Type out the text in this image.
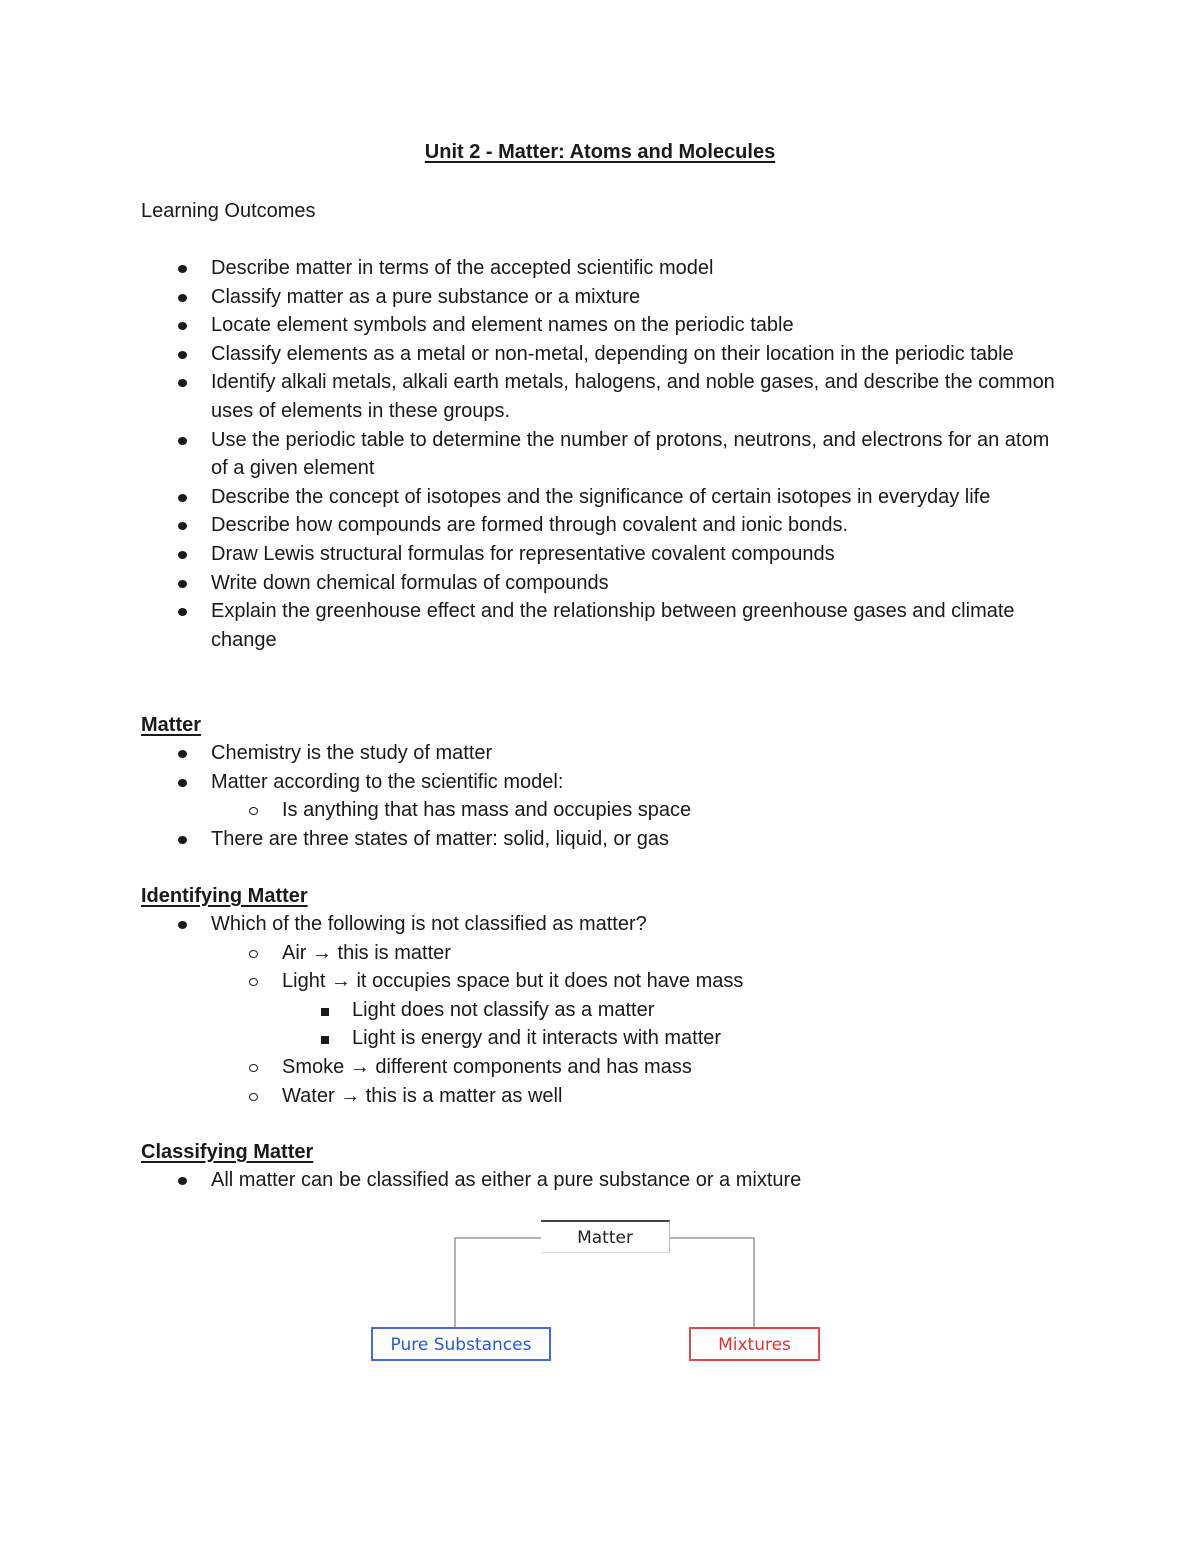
Unit 2 - Matter: Atoms and Molecules
Learning Outcomes
Describe matter in terms of the accepted scientific model
Classify matter as a pure substance or a mixture
Locate element symbols and element names on the periodic table
Classify elements as a metal or non-metal, depending on their location in the periodic table
Identify alkali metals, alkali earth metals, halogens, and noble gases, and describe the common uses of elements in these groups.
Use the periodic table to determine the number of protons, neutrons, and electrons for an atom of a given element
Describe the concept of isotopes and the significance of certain isotopes in everyday life
Describe how compounds are formed through covalent and ionic bonds.
Draw Lewis structural formulas for representative covalent compounds
Write down chemical formulas of compounds
Explain the greenhouse effect and the relationship between greenhouse gases and climate change
Matter
Chemistry is the study of matter
Matter according to the scientific model:
Is anything that has mass and occupies space
There are three states of matter: solid, liquid, or gas
Identifying Matter
Which of the following is not classified as matter?
Air → this is matter
Light → it occupies space but it does not have mass
Light does not classify as a matter
Light is energy and it interacts with matter
Smoke → different components and has mass
Water → this is a matter as well
Classifying Matter
All matter can be classified as either a pure substance or a mixture
Matter
Pure Substances	Mixtures
